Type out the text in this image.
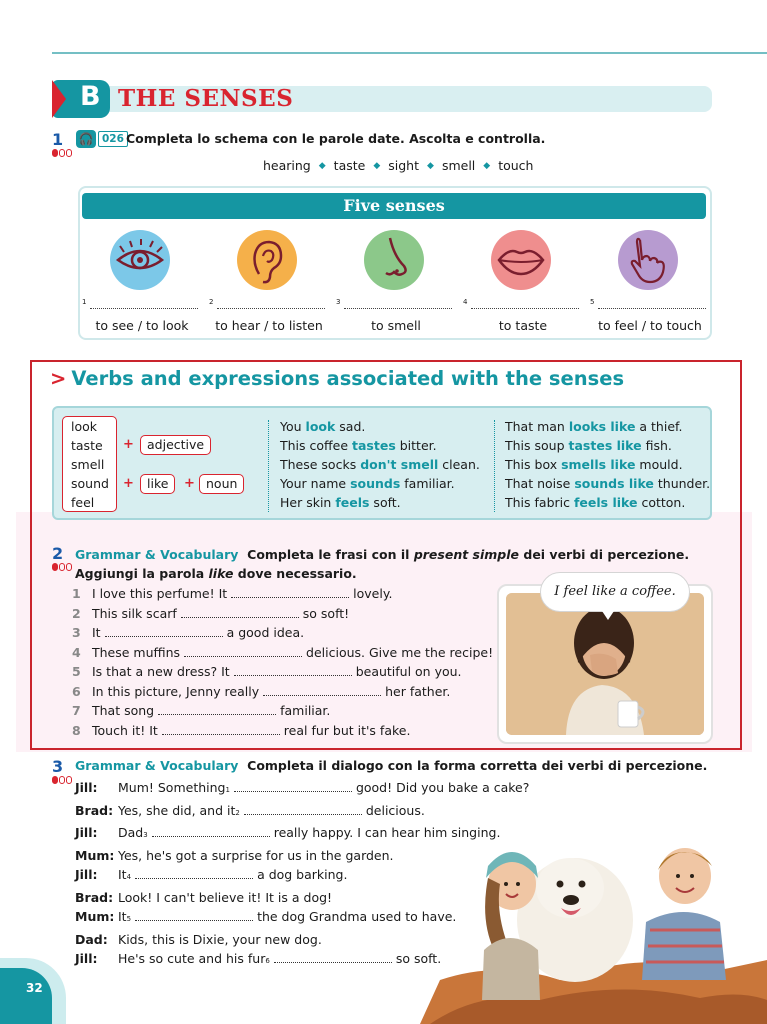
B THE SENSES
1 🎧 026 Completa lo schema con le parole date. Ascolta e controlla.
hearing ◆ taste ◆ sight ◆ smell ◆ touch
Five senses
1
to see / to look
2
to hear / to listen
3
to smell
4
to taste
5
to feel / to touch
> Verbs and expressions associated with the senses
look
taste
smell
sound
feel
+	adjective
+	like	+ noun
You look sad.
This coffee tastes bitter.
These socks don't smell clean.
Your name sounds familiar.
Her skin feels soft.
That man looks like a thief.
This soup tastes like fish.
This box smells like mould.
That noise sounds like thunder.
This fabric feels like cotton.
2 Grammar & Vocabulary Completa le frasi con il present simple dei verbi di percezione. Aggiungi la parola like dove necessario.
1 I love this perfume! It	lovely.
2 This silk scarf	so soft!
3 It	a good idea.
4 These muffins	delicious. Give me the recipe!
5 Is that a new dress? It	beautiful on you.
6 In this picture, Jenny really	her father.
7 That song	familiar.
8 Touch it! It	real fur but it's fake.
I feel like a coffee.
3 Grammar & Vocabulary Completa il dialogo con la forma corretta dei verbi di percezione.
Jill:	Mum! Something $_1$	good! Did you bake a cake?
Brad: Yes, she did, and it $_2$	delicious.
Jill:	Dad $_3$	really happy. I can hear him singing.
Mum: Yes, he's got a surprise for us in the garden.
Jill:	It $_4$	a dog barking.
Brad: Look! I can't believe it! It is a dog!
Mum: It $_5$	the dog Grandma used to have.
Dad: Kids, this is Dixie, your new dog.
Jill:	He's so cute and his fur $_6$	so soft.
32
